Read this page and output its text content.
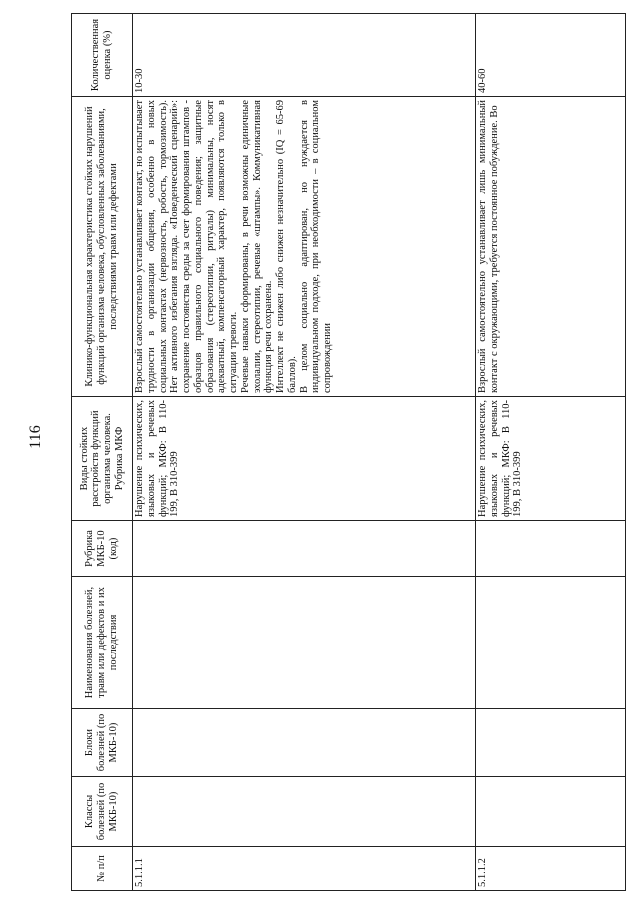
116
№ п/п	Классы болезней (по МКБ-10)	Блоки болезней (по МКБ-10)	Наименования болезней, травм или дефектов и их последствия	Рубрика МКБ-10 (код)	Виды стойких расстройств функций организма человека. Рубрика МКФ	Клинико-функциональная характеристика стойких нарушений функций организма человека, обусловленных заболеваниями, последствиями травм или дефектами	Количественная оценка (%)
5.1.1.1					Нарушение психических, языковых и речевых функций; МКФ: В 110-199, В 310-399	Взрослый самостоятельно устанавливает контакт, но испытывает трудности в организации общения, особенно в новых социальных контактах (нервозность, робость, тормозимость). Нет активного избегания взгляда. «Поведенческий сценарий»: сохранение постоянства среды за счет формирования штампов - образцов правильного социального поведения; защитные образования (стереотипии, ритуалы) минимальны, носят адекватный, компенсаторный характер, появляются только в ситуации тревоги. Речевые навыки сформированы, в речи возможны единичные эхолалии, стереотипии, речевые «штампы». Коммуникативная функция речи сохранена. Интеллект не снижен либо снижен незначительно (IQ = 65-69 баллов). В целом социально адаптирован, но нуждается в индивидуальном подходе, при необходимости – в социальном сопровождении	10-30
5.1.1.2					Нарушение психических, языковых и речевых функций; МКФ: В 110-199, В 310-399	Взрослый самостоятельно устанавливает лишь минимальный контакт с окружающими, требуется постоянное побуждение. Во	40-60
